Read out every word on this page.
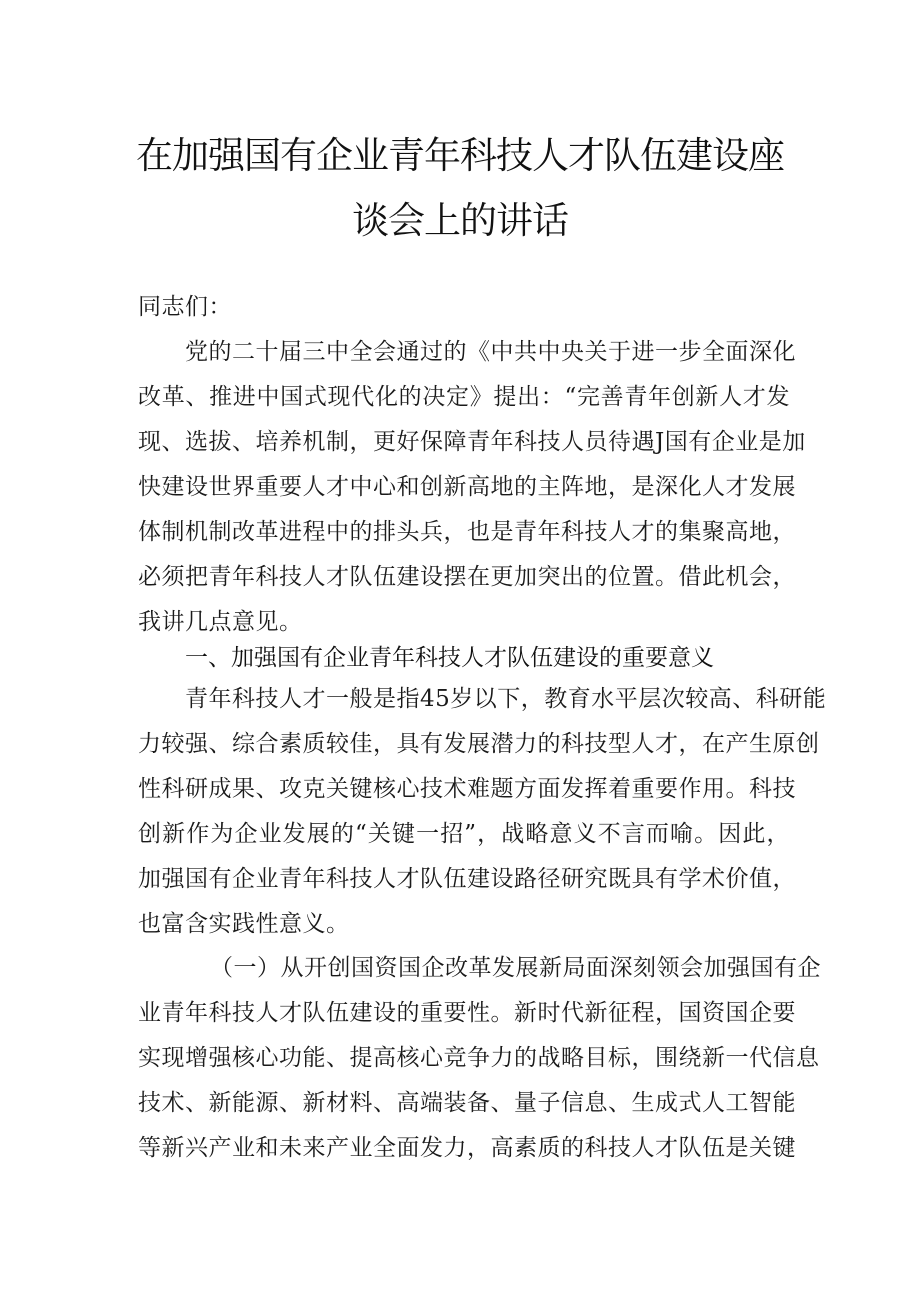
在加强国有企业青年科技人才队伍建设座
谈会上的讲话
同志们：
党的二十届三中全会通过的《中共中央关于进一步全面深化
改革、推进中国式现代化的决定》提出：“完善青年创新人才发
现、选拔、培养机制，更好保障青年科技人员待遇J国有企业是加
快建设世界重要人才中心和创新高地的主阵地，是深化人才发展
体制机制改革进程中的排头兵，也是青年科技人才的集聚高地，
必须把青年科技人才队伍建设摆在更加突出的位置。借此机会，
我讲几点意见。
一、加强国有企业青年科技人才队伍建设的重要意义
青年科技人才一般是指45岁以下，教育水平层次较高、科研能
力较强、综合素质较佳，具有发展潜力的科技型人才，在产生原创
性科研成果、攻克关键核心技术难题方面发挥着重要作用。科技
创新作为企业发展的“关键一招”，战略意义不言而喻。因此，
加强国有企业青年科技人才队伍建设路径研究既具有学术价值，
也富含实践性意义。
（一）从开创国资国企改革发展新局面深刻领会加强国有企
业青年科技人才队伍建设的重要性。新时代新征程，国资国企要
实现增强核心功能、提高核心竞争力的战略目标，围绕新一代信息
技术、新能源、新材料、高端装备、量子信息、生成式人工智能
等新兴产业和未来产业全面发力，高素质的科技人才队伍是关键
